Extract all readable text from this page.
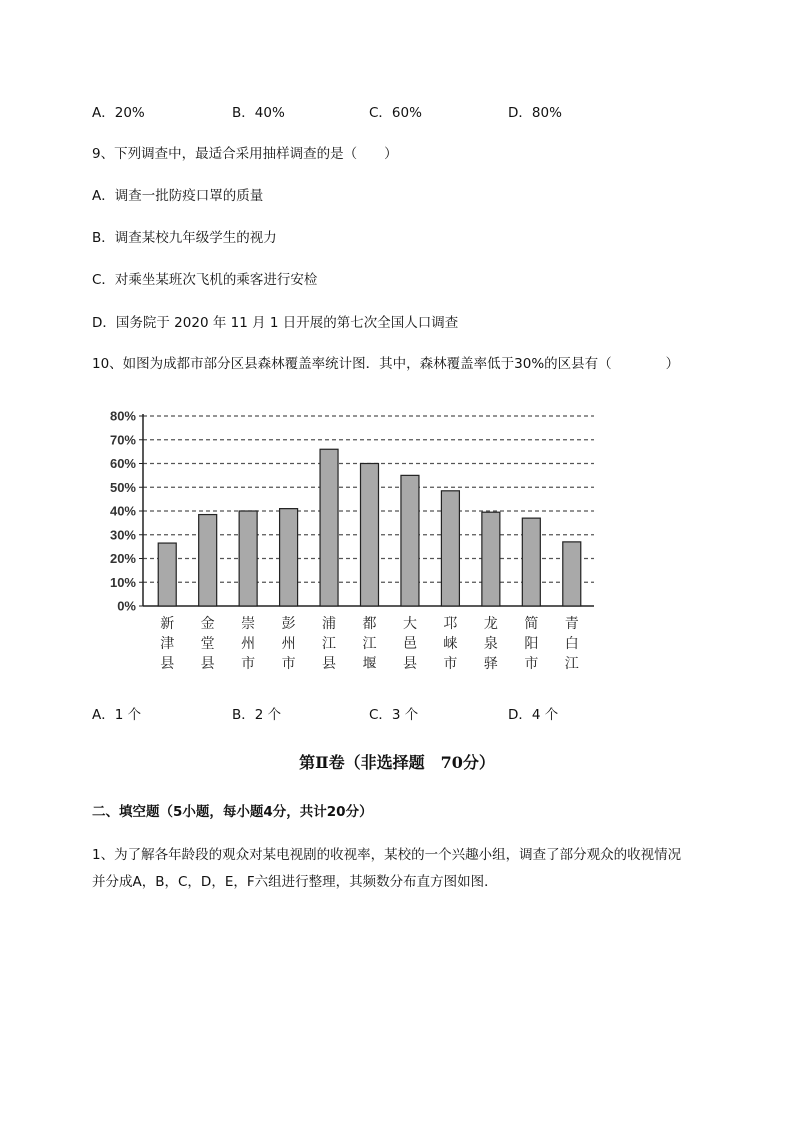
A．20%	B．40%	C．60%	D．80%
9、下列调查中，最适合采用抽样调查的是（　　）
A．调查一批防疫口罩的质量
B．调查某校九年级学生的视力
C．对乘坐某班次飞机的乘客进行安检
D．国务院于 2020 年 11 月 1 日开展的第七次全国人口调查
10、如图为成都市部分区县森林覆盖率统计图．其中，森林覆盖率低于30%的区县有（　　　　）
0%
10%
20%
30%
40%
50%
60%
70%
80%
新
津
县
金
堂
县
崇
州
市
彭
州
市
浦
江
县
都
江
堰
大
邑
县
邛
崃
市
龙
泉
驿
简
阳
市
青
白
江
A．1 个	B．2 个	C．3 个	D．4 个
第Ⅱ卷（非选择题　70分）
二、填空题（5小题，每小题4分，共计20分）
1、为了解各年龄段的观众对某电视剧的收视率，某校的一个兴趣小组，调查了部分观众的收视情况
并分成A，B，C，D，E，F六组进行整理，其频数分布直方图如图．
